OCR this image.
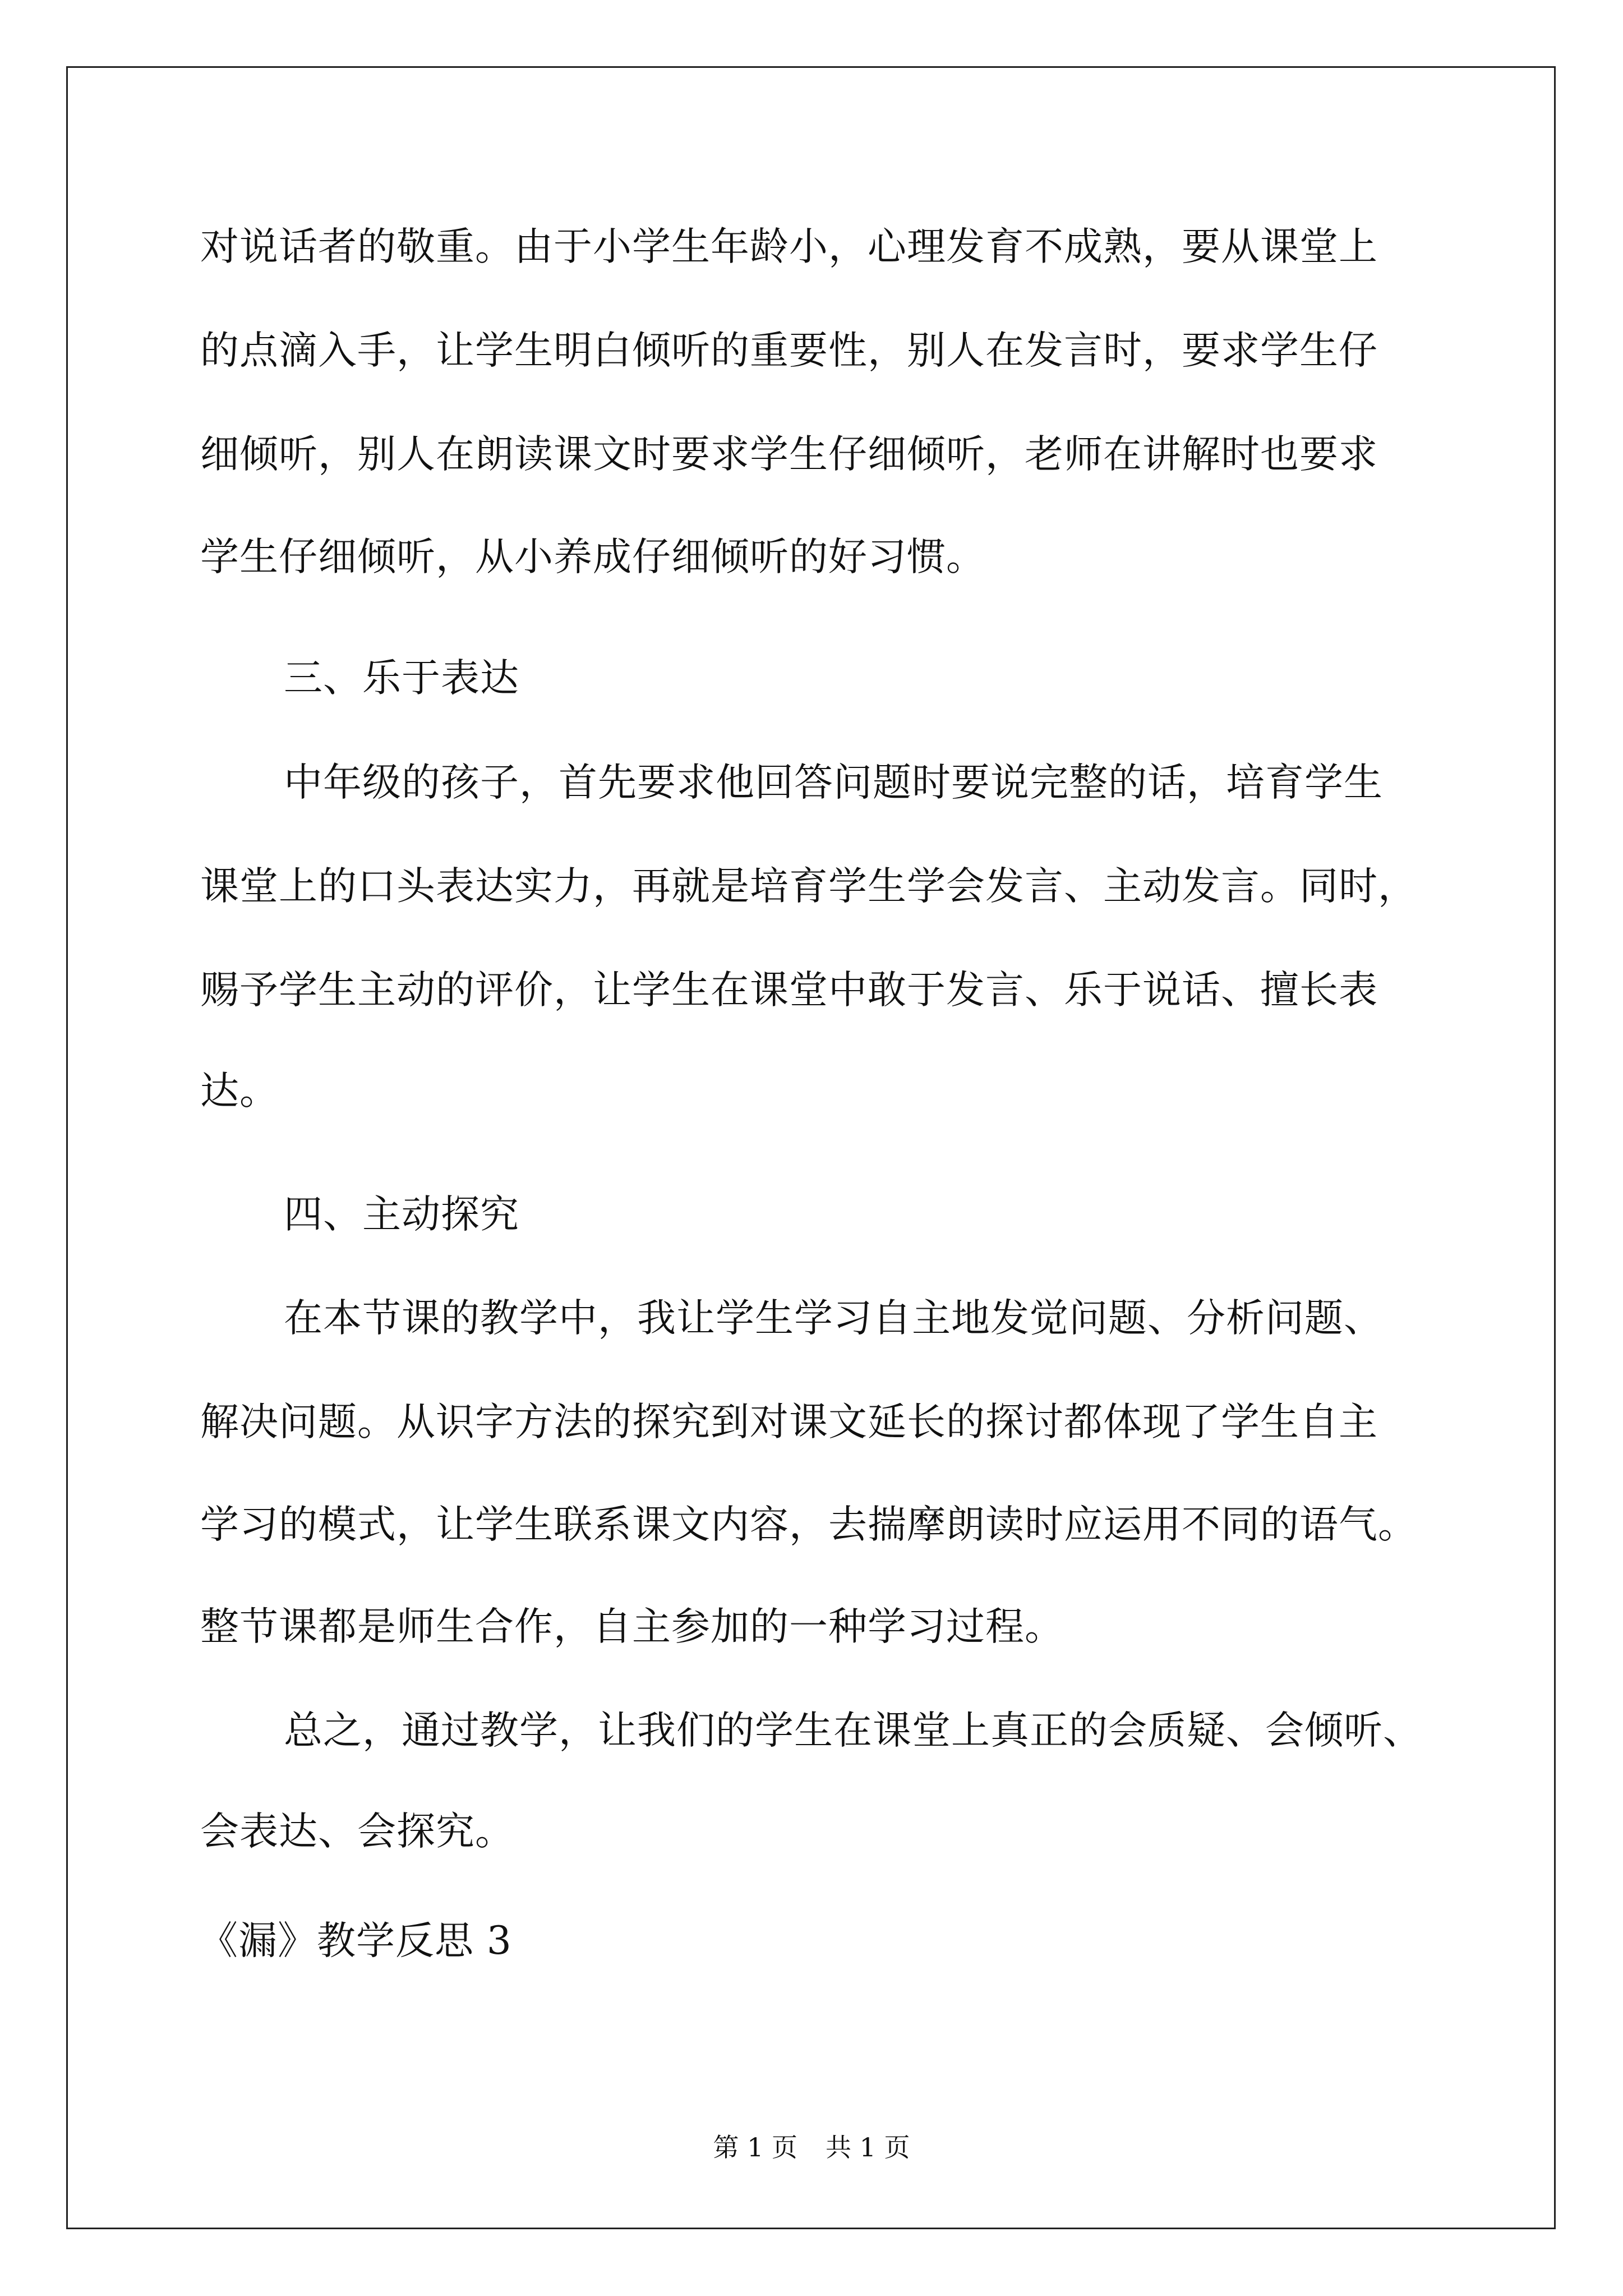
对说话者的敬重。由于小学生年龄小，心理发育不成熟，要从课堂上
的点滴入手，让学生明白倾听的重要性，别人在发言时，要求学生仔
细倾听，别人在朗读课文时要求学生仔细倾听，老师在讲解时也要求
学生仔细倾听，从小养成仔细倾听的好习惯。
三、乐于表达
中年级的孩子，首先要求他回答问题时要说完整的话，培育学生
课堂上的口头表达实力，再就是培育学生学会发言、主动发言。同时，
赐予学生主动的评价，让学生在课堂中敢于发言、乐于说话、擅长表
达。
四、主动探究
在本节课的教学中，我让学生学习自主地发觉问题、分析问题、
解决问题。从识字方法的探究到对课文延长的探讨都体现了学生自主
学习的模式，让学生联系课文内容，去揣摩朗读时应运用不同的语气。
整节课都是师生合作，自主参加的一种学习过程。
总之，通过教学，让我们的学生在课堂上真正的会质疑、会倾听、
会表达、会探究。
《漏》教学反思 3
第 1 页 共 1 页
